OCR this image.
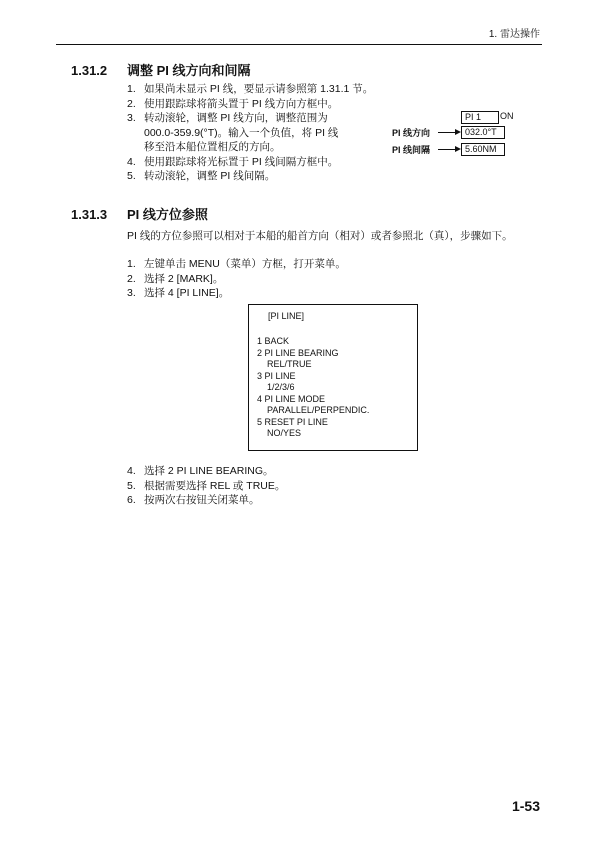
1. 雷达操作
1.31.2 调整 PI 线方向和间隔
1. 如果尚未显示 PI 线，要显示请参照第 1.31.1 节。
2. 使用跟踪球将箭头置于 PI 线方向方框中。
3. 转动滚轮，调整 PI 线方向，调整范围为
000.0-359.9(°T)。输入一个负值，将 PI 线
移至沿本船位置相反的方向。
4. 使用跟踪球将光标置于 PI 线间隔方框中。
5. 转动滚轮，调整 PI 线间隔。
PI 1	ON
PI 线方向	032.0°T
PI 线间隔	5.60NM
1.31.3 PI 线方位参照
PI 线的方位参照可以相对于本船的船首方向（相对）或者参照北（真），步骤如下。
1. 左键单击 MENU（菜单）方框，打开菜单。
2. 选择 2 [MARK]。
3. 选择 4 [PI LINE]。
[PI LINE]
1 BACK
2 PI LINE BEARING
REL/TRUE
3 PI LINE
1/2/3/6
4 PI LINE MODE
PARALLEL/PERPENDIC.
5 RESET PI LINE
NO/YES
4. 选择 2 PI LINE BEARING。
5. 根据需要选择 REL 或 TRUE。
6. 按两次右按钮关闭菜单。
1-53
